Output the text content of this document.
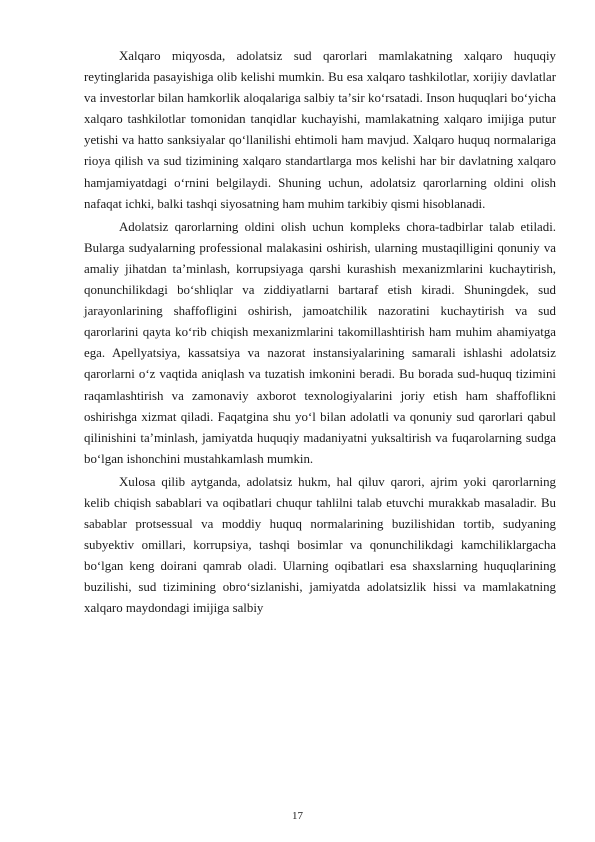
Xalqaro miqyosda, adolatsiz sud qarorlari mamlakatning xalqaro huquqiy reytinglarida pasayishiga olib kelishi mumkin. Bu esa xalqaro tashkilotlar, xorijiy davlatlar va investorlar bilan hamkorlik aloqalariga salbiy taʼsir koʻrsatadi. Inson huquqlari boʻyicha xalqaro tashkilotlar tomonidan tanqidlar kuchayishi, mamlakatning xalqaro imijiga putur yetishi va hatto sanksiyalar qoʻllanilishi ehtimoli ham mavjud. Xalqaro huquq normalariga rioya qilish va sud tizimining xalqaro standartlarga mos kelishi har bir davlatning xalqaro hamjamiyatdagi oʻrnini belgilaydi. Shuning uchun, adolatsiz qarorlarning oldini olish nafaqat ichki, balki tashqi siyosatning ham muhim tarkibiy qismi hisoblanadi.

Adolatsiz qarorlarning oldini olish uchun kompleks chora-tadbirlar talab etiladi. Bularga sudyalarning professional malakasini oshirish, ularning mustaqilligini qonuniy va amaliy jihatdan taʼminlash, korrupsiyaga qarshi kurashish mexanizmlarini kuchaytirish, qonunchilikdagi boʻshliqlar va ziddiyatlarni bartaraf etish kiradi. Shuningdek, sud jarayonlarining shaffofligini oshirish, jamoatchilik nazoratini kuchaytirish va sud qarorlarini qayta koʻrib chiqish mexanizmlarini takomillashtirish ham muhim ahamiyatga ega. Apellyatsiya, kassatsiya va nazorat instansiyalarining samarali ishlashi adolatsiz qarorlarni oʻz vaqtida aniqlash va tuzatish imkonini beradi. Bu borada sud-huquq tizimini raqamlashtirish va zamonaviy axborot texnologiyalarini joriy etish ham shaffoflikni oshirishga xizmat qiladi. Faqatgina shu yoʻl bilan adolatli va qonuniy sud qarorlari qabul qilinishini taʼminlash, jamiyatda huquqiy madaniyatni yuksaltirish va fuqarolarning sudga boʻlgan ishonchini mustahkamlash mumkin.

Xulosa qilib aytganda, adolatsiz hukm, hal qiluv qarori, ajrim yoki qarorlarning kelib chiqish sabablari va oqibatlari chuqur tahlilni talab etuvchi murakkab masaladir. Bu sabablar protsessual va moddiy huquq normalarining buzilishidan tortib, sudyaning subyektiv omillari, korrupsiya, tashqi bosimlar va qonunchilikdagi kamchiliklargacha boʻlgan keng doirani qamrab oladi. Ularning oqibatlari esa shaxslarning huquqlarining buzilishi, sud tizimining obroʻsizlanishi, jamiyatda adolatsizlik hissi va mamlakatning xalqaro maydondagi imijiga salbiy

17
